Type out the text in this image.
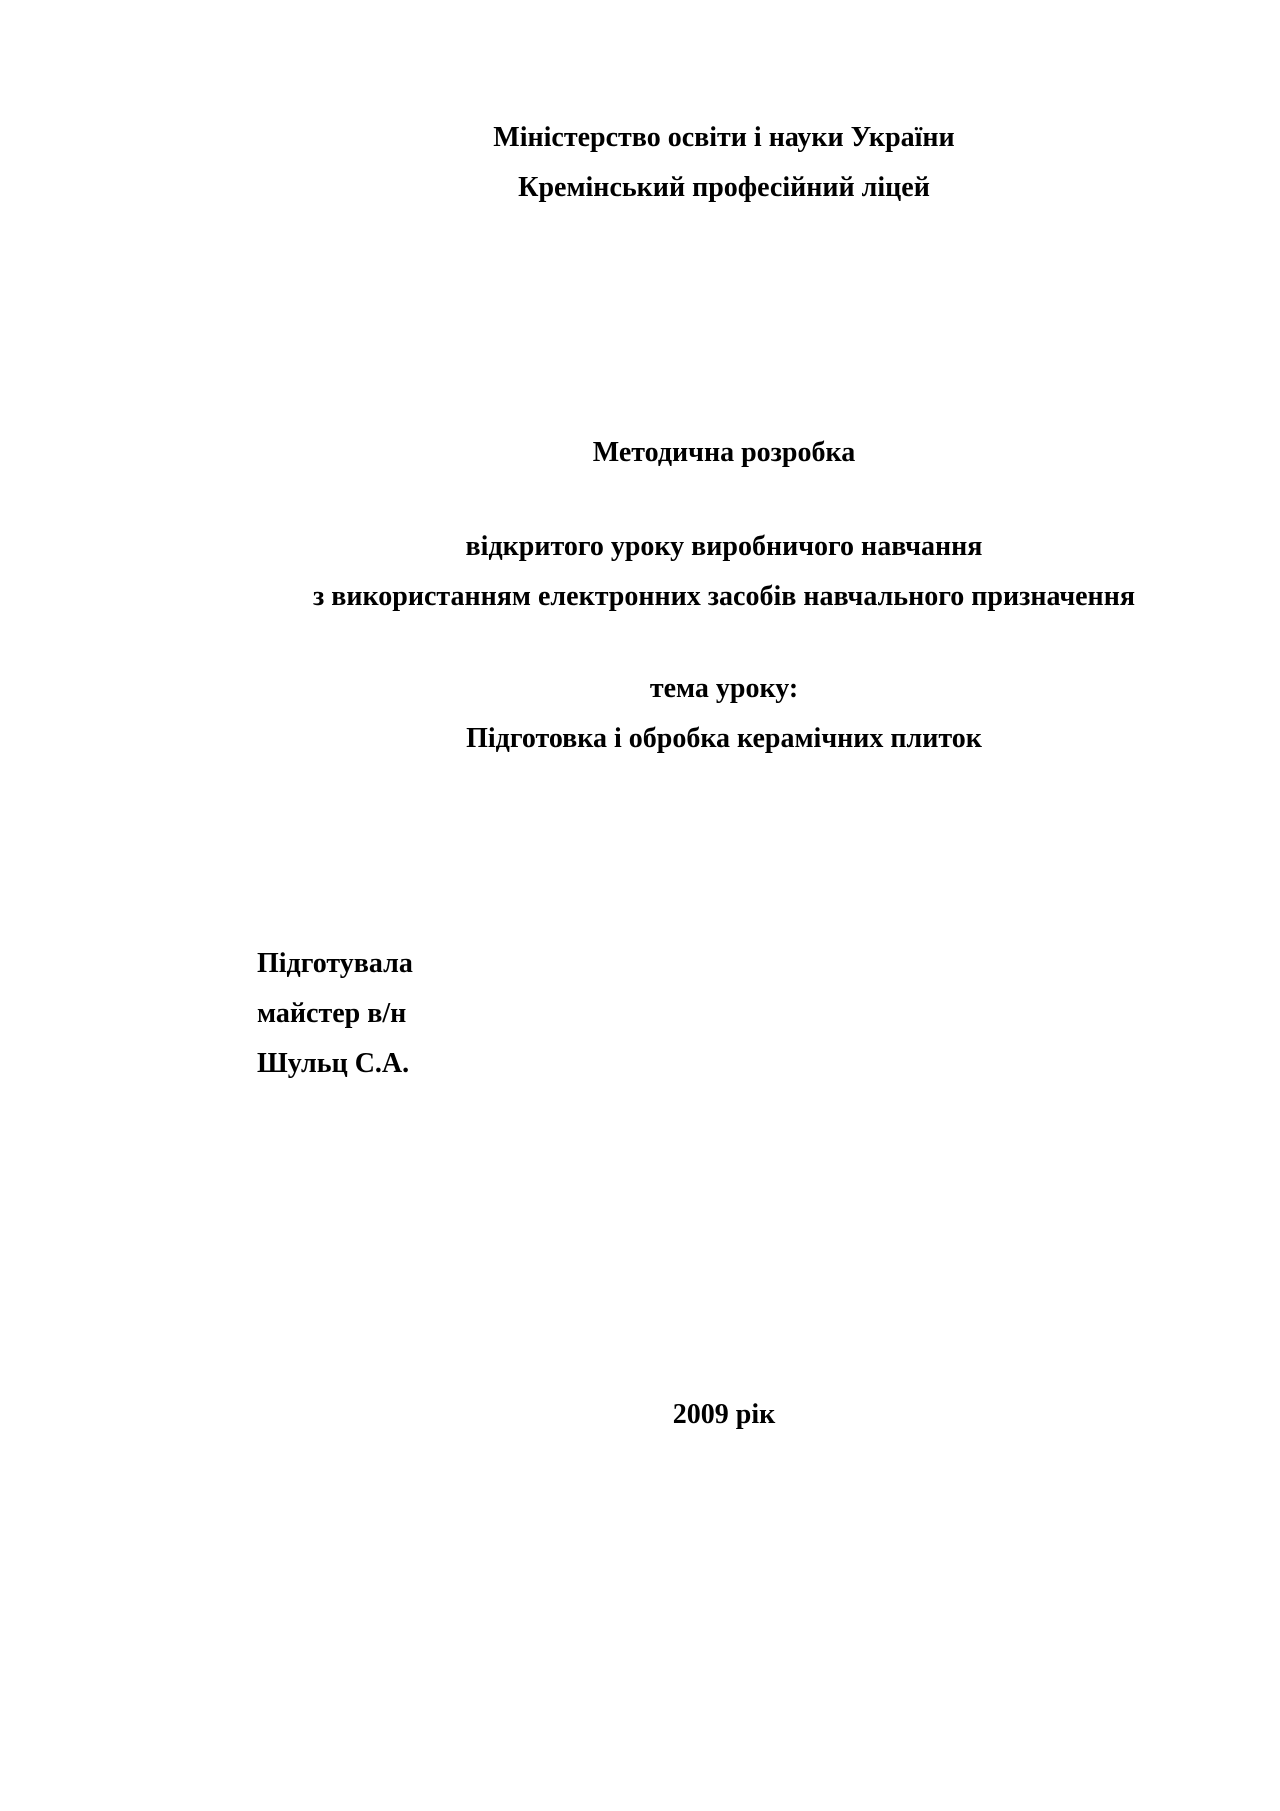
Міністерство освіти і науки України
Кремінський професійний ліцей
Методична розробка
відкритого уроку виробничого навчання
з використанням електронних засобів навчального призначення
тема уроку:
Підготовка і обробка керамічних плиток
Підготувала
майстер в/н
Шульц С.А.
2009 рік
